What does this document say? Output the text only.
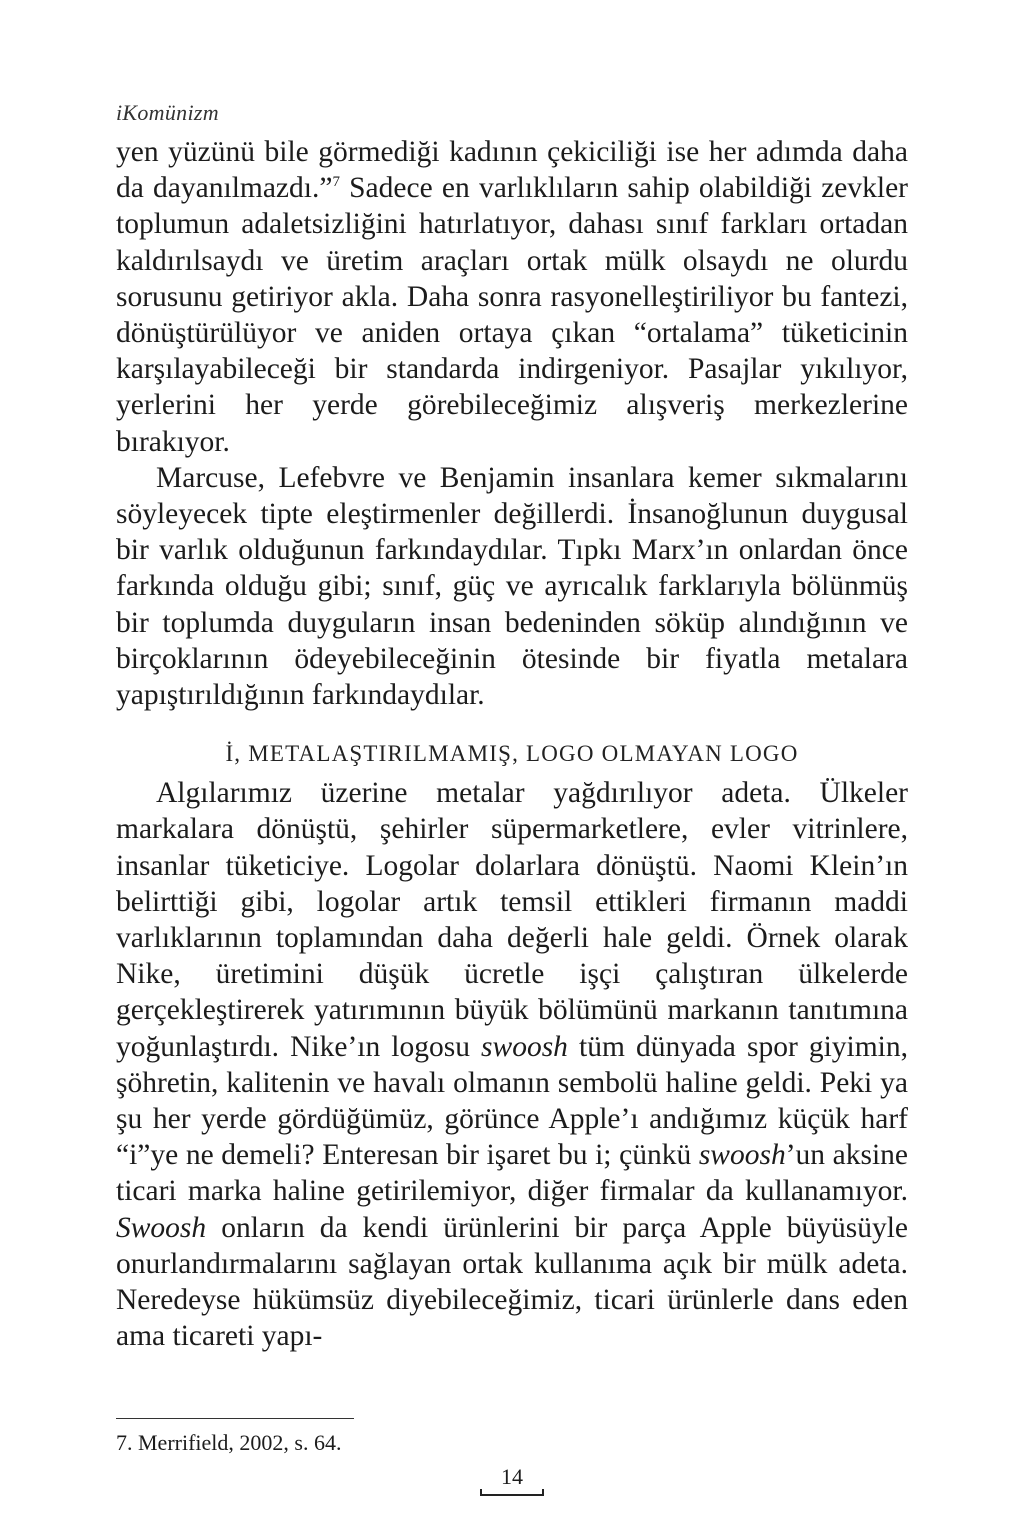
iKomünizm

yen yüzünü bile görmediği kadının çekiciliği ise her adımda daha da dayanılmazdı.”$^7$ Sadece en varlıklıların sahip olabildiği zevkler toplumun adaletsizliğini hatırlatıyor, dahası sınıf farkları ortadan kaldırılsaydı ve üretim araçları ortak mülk olsaydı ne olurdu sorusunu getiriyor akla. Daha sonra rasyonelleştiriliyor bu fantezi, dönüştürülüyor ve aniden ortaya çıkan “ortalama” tüketicinin karşılayabileceği bir standarda indirgeniyor. Pasajlar yıkılıyor, yerlerini her yerde görebileceğimiz alışveriş merkezlerine bırakıyor.

Marcuse, Lefebvre ve Benjamin insanlara kemer sıkmalarını söyleyecek tipte eleştirmenler değillerdi. İnsanoğlunun duygusal bir varlık olduğunun farkındaydılar. Tıpkı Marx’ın onlardan önce farkında olduğu gibi; sınıf, güç ve ayrıcalık farklarıyla bölünmüş bir toplumda duyguların insan bedeninden söküp alındığının ve birçoklarının ödeyebileceğinin ötesinde bir fiyatla metalara yapıştırıldığının farkındaydılar.

İ, METALAŞTIRILMAMIŞ, LOGO OLMAYAN LOGO

Algılarımız üzerine metalar yağdırılıyor adeta. Ülkeler markalara dönüştü, şehirler süpermarketlere, evler vitrinlere, insanlar tüketiciye. Logolar dolarlara dönüştü. Naomi Klein’ın belirttiği gibi, logolar artık temsil ettikleri firmanın maddi varlıklarının toplamından daha değerli hale geldi. Örnek olarak Nike, üretimini düşük ücretle işçi çalıştıran ülkelerde gerçekleştirerek yatırımının büyük bölümünü markanın tanıtımına yoğunlaştırdı. Nike’ın logosu swoosh tüm dünyada spor giyimin, şöhretin, kalitenin ve havalı olmanın sembolü haline geldi. Peki ya şu her yerde gördüğümüz, görünce Apple’ı andığımız küçük harf “i”ye ne demeli? Enteresan bir işaret bu i; çünkü swoosh’un aksine ticari marka haline getirilemiyor, diğer firmalar da kullanamıyor. Swoosh onların da kendi ürünlerini bir parça Apple büyüsüyle onurlandırmalarını sağlayan ortak kullanıma açık bir mülk adeta. Neredeyse hükümsüz diyebileceğimiz, ticari ürünlerle dans eden ama ticareti yapı-

7. Merrifield, 2002, s. 64.
14
